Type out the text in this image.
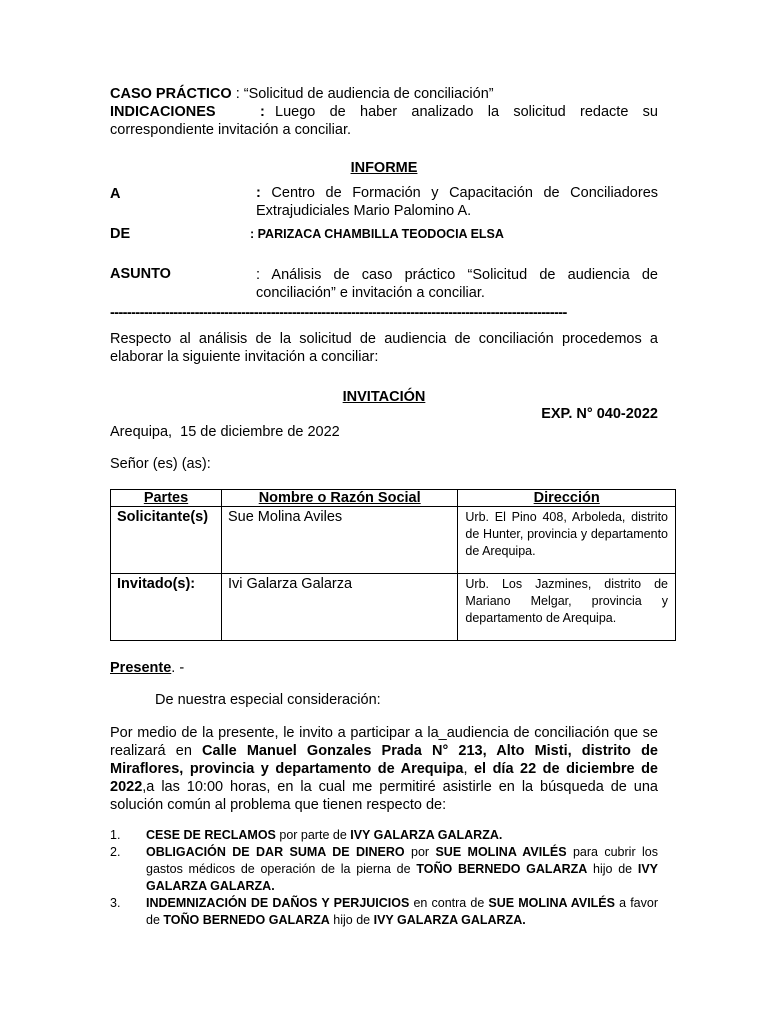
CASO PRÁCTICO : “Solicitud de audiencia de conciliación”
INDICACIONES	: Luego de haber analizado la solicitud redacte su correspondiente invitación a conciliar.
INFORME
A	: Centro de Formación y Capacitación de Conciliadores Extrajudiciales Mario Palomino A.
DE	: PARIZACA CHAMBILLA TEODOCIA ELSA
ASUNTO	: Análisis de caso práctico “Solicitud de audiencia de conciliación” e invitación a conciliar.
------------------------------------------------------------------------------------------------------------
Respecto al análisis de la solicitud de audiencia de conciliación procedemos a elaborar la siguiente invitación a conciliar:
INVITACIÓN
EXP. N° 040-2022
Arequipa,  15 de diciembre de 2022
Señor (es) (as):
Partes	Nombre o Razón Social	Dirección
Solicitante(s)	Sue Molina Aviles	Urb. El Pino 408, Arboleda, distrito de Hunter, provincia y departamento de Arequipa.
Invitado(s):	Ivi Galarza Galarza	Urb. Los Jazmines, distrito de Mariano Melgar, provincia y departamento de Arequipa.
Presente. -
De nuestra especial consideración:
Por medio de la presente, le invito a participar a la_audiencia de conciliación que se realizará en Calle Manuel Gonzales Prada N° 213, Alto Misti, distrito de Miraflores, provincia y departamento de Arequipa, el día 22 de diciembre de 2022,a las 10:00 horas, en la cual me permitiré asistirle en la búsqueda de una solución común al problema que tienen respecto de:
1. CESE DE RECLAMOS por parte de IVY GALARZA GALARZA.
2. OBLIGACIÓN DE DAR SUMA DE DINERO por SUE MOLINA AVILÉS para cubrir los gastos médicos de operación de la pierna de TOÑO BERNEDO GALARZA hijo de IVY GALARZA GALARZA.
3. INDEMNIZACIÓN DE DAÑOS Y PERJUICIOS en contra de SUE MOLINA AVILÉS a favor de TOÑO BERNEDO GALARZA hijo de IVY GALARZA GALARZA.
